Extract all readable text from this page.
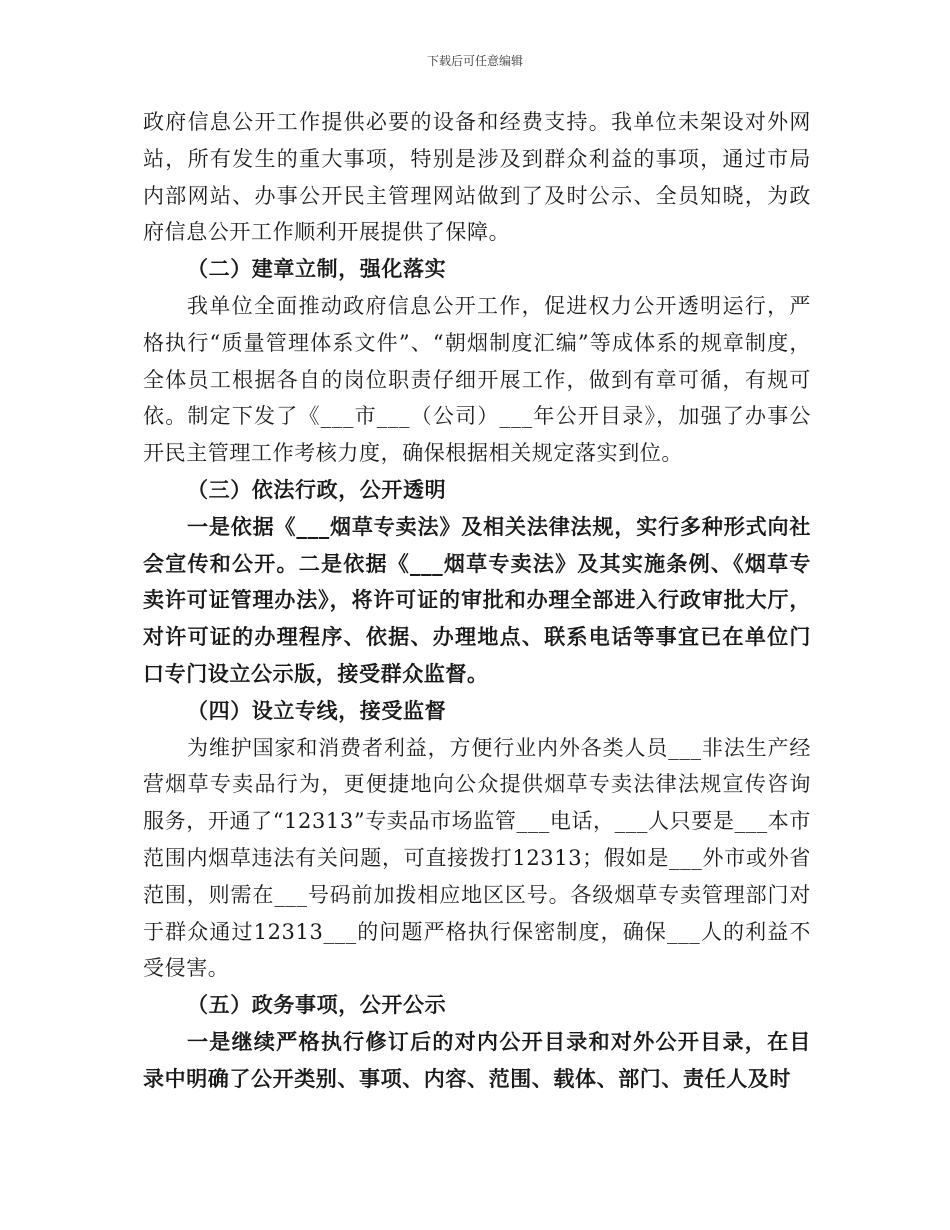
下载后可任意编辑

政府信息公开工作提供必要的设备和经费支持。我单位未架设对外网站，所有发生的重大事项，特别是涉及到群众利益的事项，通过市局内部网站、办事公开民主管理网站做到了及时公示、全员知晓，为政府信息公开工作顺利开展提供了保障。

（二）建章立制，强化落实

我单位全面推动政府信息公开工作，促进权力公开透明运行，严格执行“质量管理体系文件”、“朝烟制度汇编”等成体系的规章制度，全体员工根据各自的岗位职责仔细开展工作，做到有章可循，有规可依。制定下发了《___市___（公司）___年公开目录》，加强了办事公开民主管理工作考核力度，确保根据相关规定落实到位。

（三）依法行政，公开透明

一是依据《___烟草专卖法》及相关法律法规，实行多种形式向社会宣传和公开。二是依据《___烟草专卖法》及其实施条例、《烟草专卖许可证管理办法》，将许可证的审批和办理全部进入行政审批大厅，对许可证的办理程序、依据、办理地点、联系电话等事宜已在单位门口专门设立公示版，接受群众监督。

（四）设立专线，接受监督

为维护国家和消费者利益，方便行业内外各类人员___非法生产经营烟草专卖品行为，更便捷地向公众提供烟草专卖法律法规宣传咨询服务，开通了“12313”专卖品市场监管___电话，___人只要是___本市范围内烟草违法有关问题，可直接拨打12313；假如是___外市或外省范围，则需在___号码前加拨相应地区区号。各级烟草专卖管理部门对于群众通过12313___的问题严格执行保密制度，确保___人的利益不受侵害。

（五）政务事项，公开公示

一是继续严格执行修订后的对内公开目录和对外公开目录，在目录中明确了公开类别、事项、内容、范围、载体、部门、责任人及时
